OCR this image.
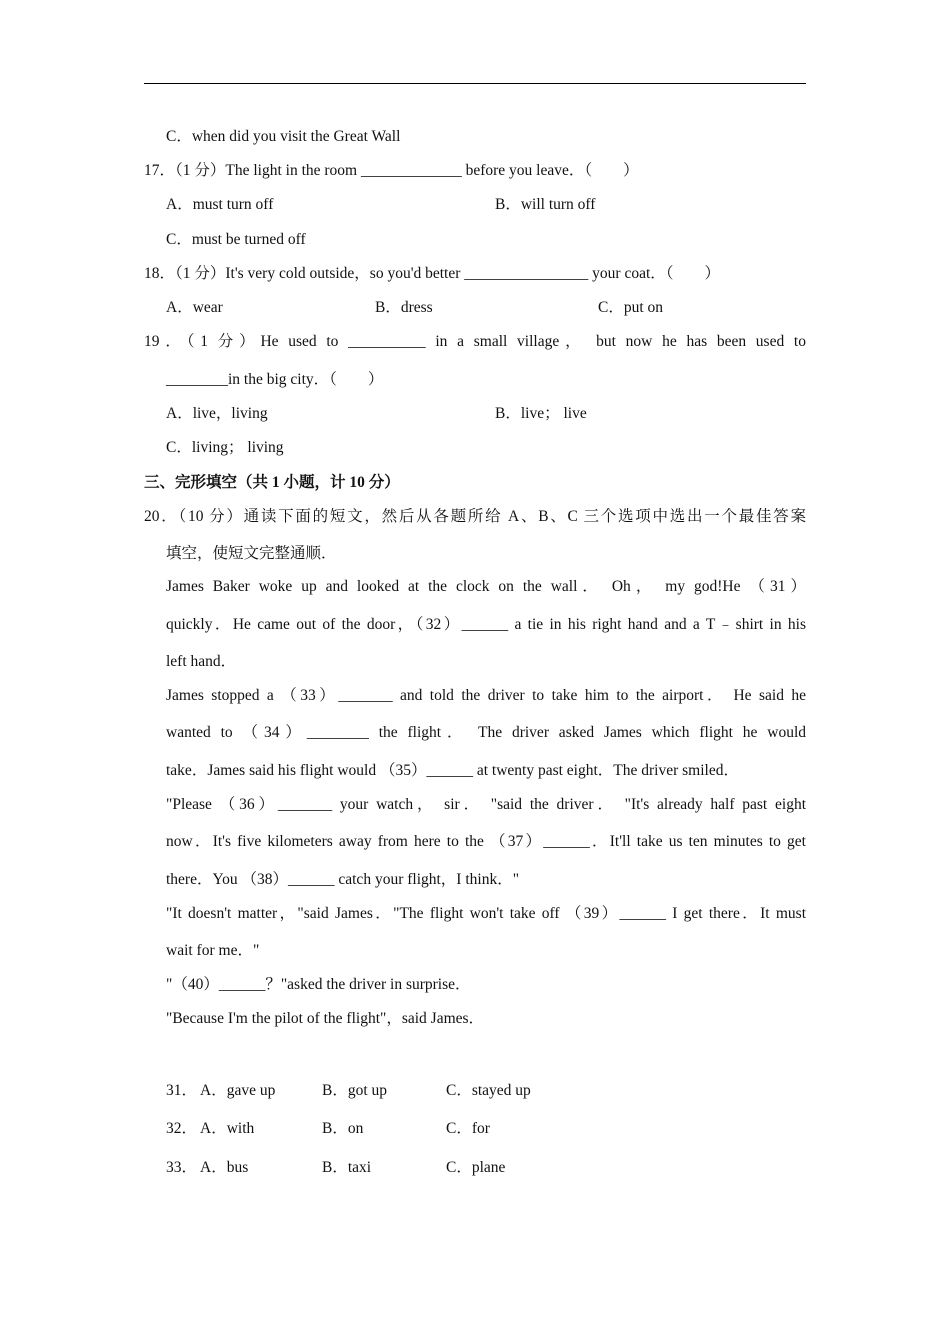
C．when did you visit the Great Wall
17．（1 分）The light in the room _____________ before you leave．（　　）
A．must turn off	B．will turn off
C．must be turned off
18．（1 分）It's very cold outside，so you'd better ________________ your coat．（　　）
A．wear	B．dress	C．put on
19．（1 分）He used to __________ in a small village， but now he has been used to
________in the big city．（　　）
A．live，living	B．live； live
C．living； living
三、完形填空（共 1 小题，计 10 分）
20．（10 分）通读下面的短文，然后从各题所给 A、B、C 三个选项中选出一个最佳答案
填空，使短文完整通顺．
James Baker woke up and looked at the clock on the wall． Oh， my god!He （31）
quickly．He came out of the door，（32）______ a tie in his right hand and a T﹣shirt in his
left hand．
James stopped a （33）_______ and told the driver to take him to the airport． He said he
wanted to （34）________ the flight． The driver asked James which flight he would
take．James said his flight would （35）______ at twenty past eight．The driver smiled．
"Please （36）_______ your watch， sir． "said the driver． "It's already half past eight
now．It's five kilometers away from here to the （37）______．It'll take us ten minutes to get
there．You （38）______ catch your flight，I think．"
"It doesn't matter，"said James．"The flight won't take off （39）______ I get there．It must
wait for me．"
"（40）______？"asked the driver in surprise．
"Because I'm the pilot of the flight"，said James．
31． A．gave up	B．got up	C．stayed up
32． A．with	B．on	C．for
33． A．bus	B．taxi	C．plane
